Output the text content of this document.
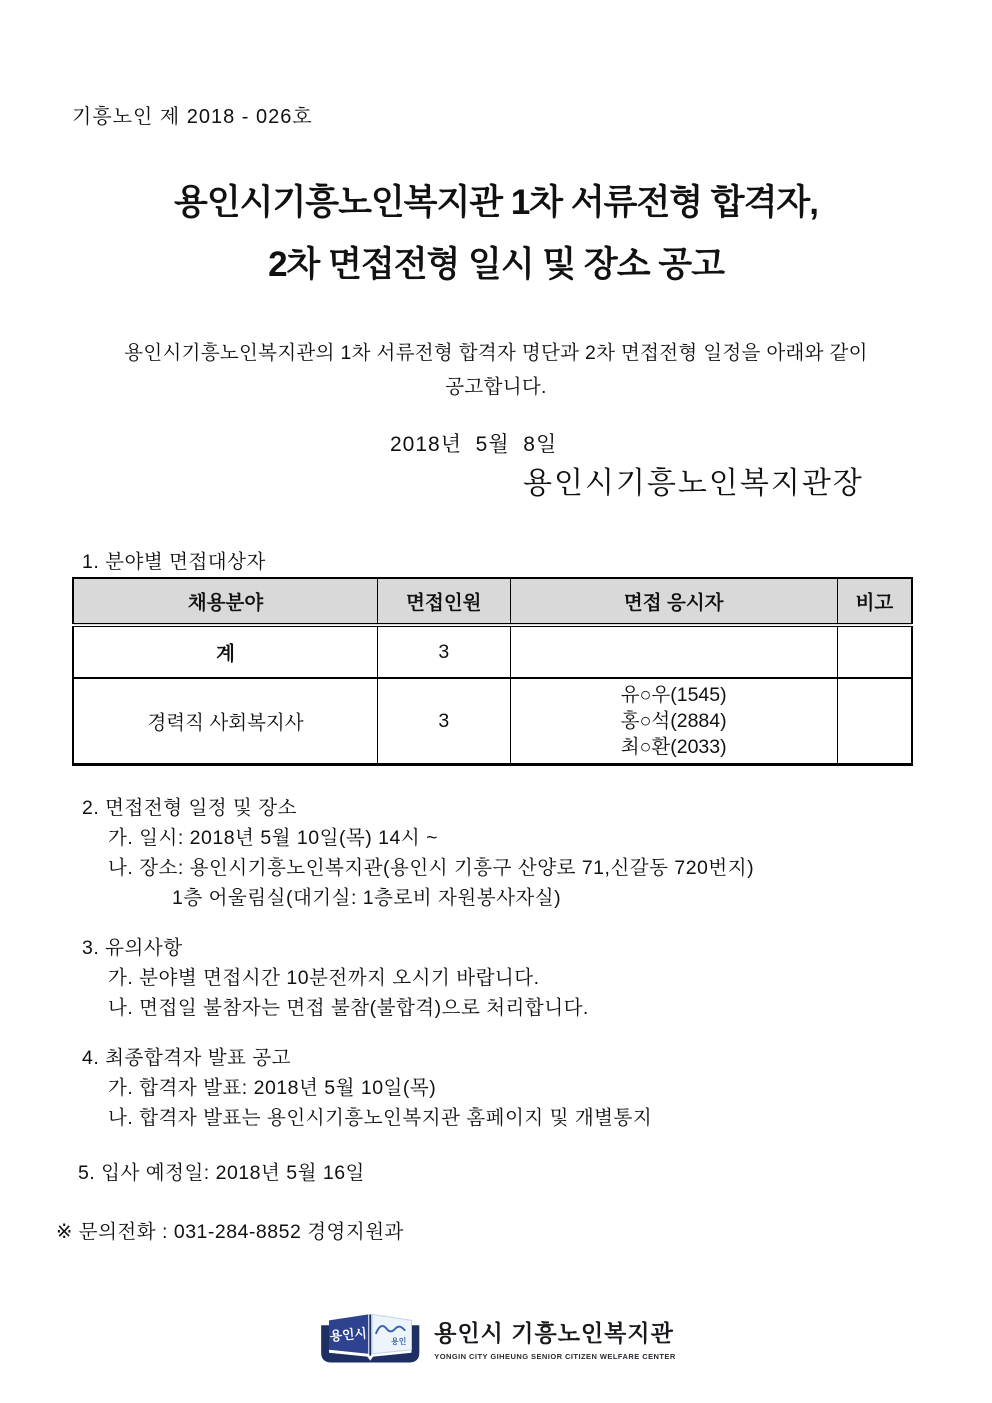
기흥노인 제 2018 - 026호
용인시기흥노인복지관 1차 서류전형 합격자,
2차 면접전형 일시 및 장소 공고
용인시기흥노인복지관의 1차 서류전형 합격자 명단과 2차 면접전형 일정을 아래와 같이
공고합니다.
2018년  5월  8일
용인시기흥노인복지관장
1. 분야별 면접대상자
채용분야	면접인원	면접 응시자	비고
계	3		
경력직 사회복지사	3	유○우(1545)
홍○석(2884)
최○환(2033)	

2. 면접전형 일정 및 장소
가. 일시: 2018년 5월 10일(목) 14시 ~
나. 장소: 용인시기흥노인복지관(용인시 기흥구 산양로 71,신갈동 720번지)
1층 어울림실(대기실: 1층로비 자원봉사자실)
3. 유의사항
가. 분야별 면접시간 10분전까지 오시기 바랍니다.
나. 면접일 불참자는 면접 불참(불합격)으로 처리합니다.
4. 최종합격자 발표 공고
가. 합격자 발표: 2018년 5월 10일(목)
나. 합격자 발표는 용인시기흥노인복지관 홈페이지 및 개별통지
5. 입사 예정일: 2018년 5월 16일
※ 문의전화 : 031-284-8852 경영지원과
용인시	용인 용인시 기흥노인복지관
YONGIN CITY GIHEUNG SENIOR CITIZEN WELFARE CENTER
